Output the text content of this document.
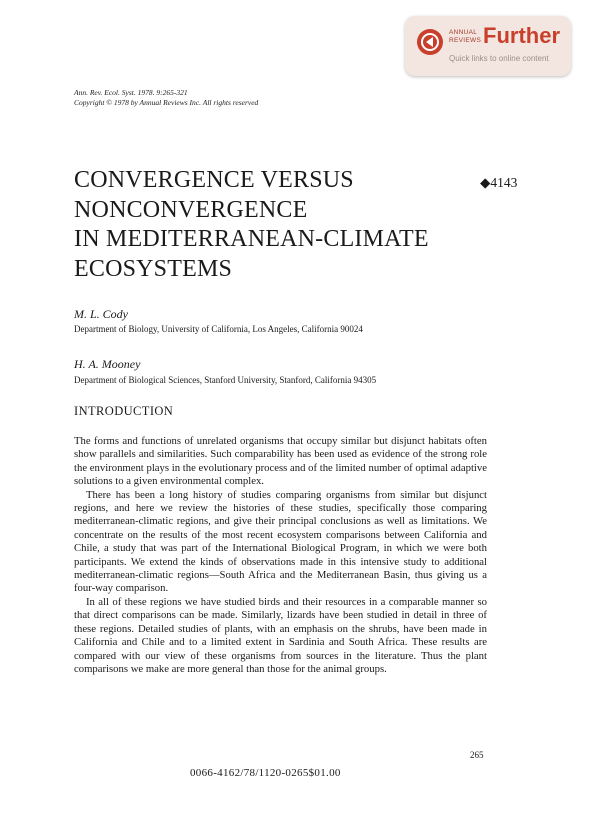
ANNUAL
REVIEWS Further
Quick links to online content
Ann. Rev. Ecol. Syst. 1978. 9:265-321
Copyright © 1978 by Annual Reviews Inc. All rights reserved
CONVERGENCE VERSUS
NONCONVERGENCE
IN MEDITERRANEAN-CLIMATE
ECOSYSTEMS
◆4143
M. L. Cody
Department of Biology, University of California, Los Angeles, California 90024
H. A. Mooney
Department of Biological Sciences, Stanford University, Stanford, California 94305
INTRODUCTION

The forms and functions of unrelated organisms that occupy similar but disjunct habitats often show parallels and similarities. Such comparability has been used as evidence of the strong role the environment plays in the evolutionary process and of the limited number of optimal adaptive solutions to a given environmental complex.

There has been a long history of studies comparing organisms from similar but disjunct regions, and here we review the histories of these studies, specifically those comparing mediterranean-climatic regions, and give their principal conclusions as well as limitations. We concentrate on the results of the most recent ecosystem comparisons between California and Chile, a study that was part of the International Biological Program, in which we were both participants. We extend the kinds of observations made in this intensive study to additional mediterranean-climatic regions—South Africa and the Mediterranean Basin, thus giving us a four-way comparison.

In all of these regions we have studied birds and their resources in a comparable manner so that direct comparisons can be made. Similarly, lizards have been studied in detail in three of these regions. Detailed studies of plants, with an emphasis on the shrubs, have been made in California and Chile and to a limited extent in Sardinia and South Africa. These results are compared with our view of these organisms from sources in the literature. Thus the plant comparisons we make are more general than those for the animal groups.

265
0066-4162/78/1120-0265$01.00
